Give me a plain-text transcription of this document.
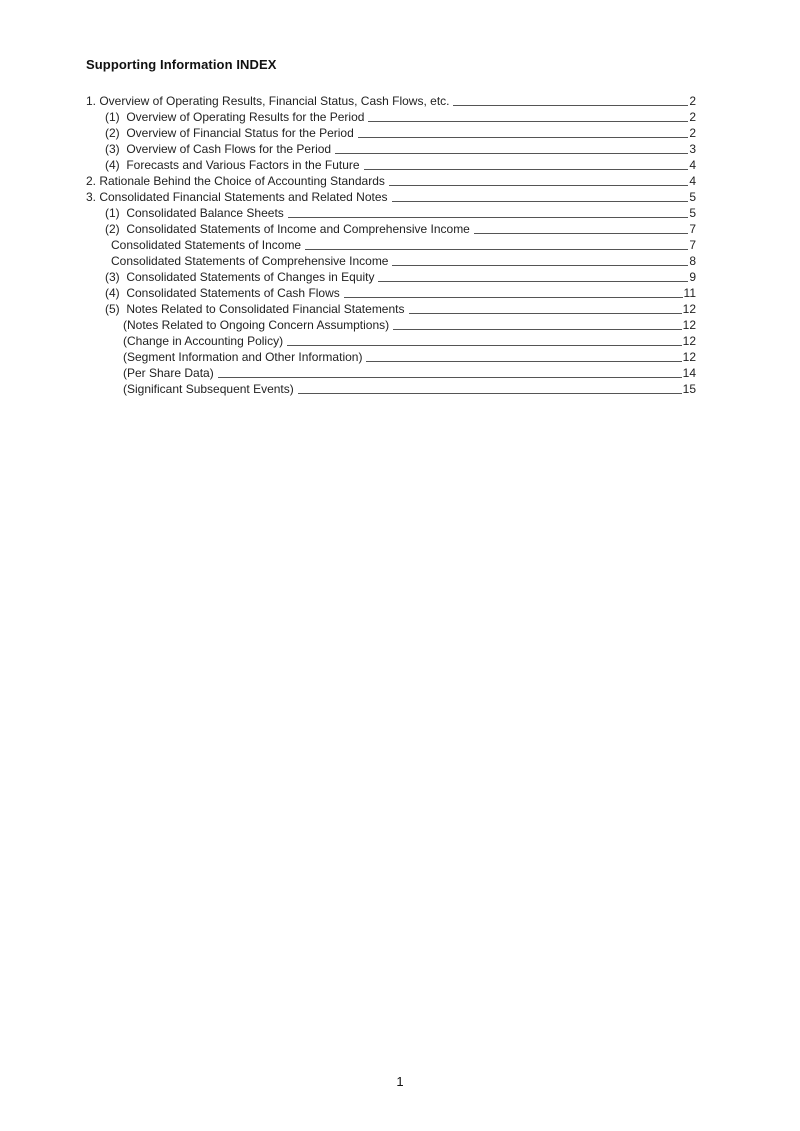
Supporting Information INDEX
1. Overview of Operating Results, Financial Status, Cash Flows, etc.	2
(1)  Overview of Operating Results for the Period	2
(2)  Overview of Financial Status for the Period	2
(3)  Overview of Cash Flows for the Period	3
(4)  Forecasts and Various Factors in the Future	4
2. Rationale Behind the Choice of Accounting Standards	4
3. Consolidated Financial Statements and Related Notes	5
(1)  Consolidated Balance Sheets	5
(2)  Consolidated Statements of Income and Comprehensive Income	7
Consolidated Statements of Income	7
Consolidated Statements of Comprehensive Income	8
(3)  Consolidated Statements of Changes in Equity	9
(4)  Consolidated Statements of Cash Flows	11
(5)  Notes Related to Consolidated Financial Statements	12
(Notes Related to Ongoing Concern Assumptions)	12
(Change in Accounting Policy)	12
(Segment Information and Other Information)	12
(Per Share Data)	14
(Significant Subsequent Events)	15
1
